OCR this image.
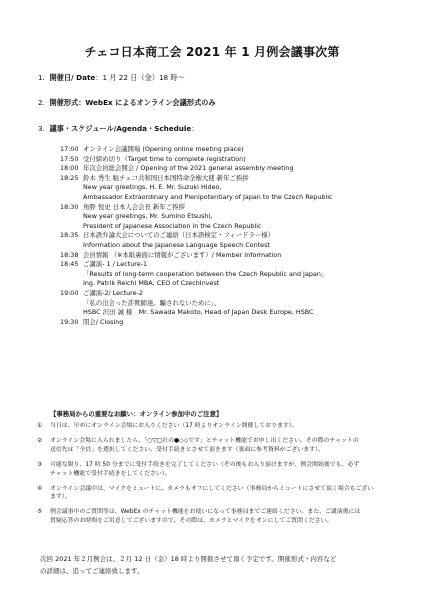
チェコ日本商工会 2021 年 1 月例会議事次第
1. 開催日/ Date：1 月 22 日（金）18 時～
2. 開催形式：WebEx によるオンライン会議形式のみ
3. 議事・スケジュール/Agenda・Schedule：
17:00 オンライン会議開場 (Opening online meeting place)
17:50 受付締め切り（Target time to complete registration)
18:00 年次会員総会開会 / Opening of the 2021 general assembly meeting
18:25 鈴木 秀生 駐チェコ共和国日本国特命全権大使 新年ご挨拶
New year greetings, H. E. Mr. Suzuki Hideo,
Ambassador Extraordinary and Plenipotentiary of Japan to the Czech Republic
18:30 角野 悦史 日本人会会長 新年ご挨拶
New year greetings, Mr. Sumino Etsushi,
President of Japanese Association in the Czech Republic
18:35 日本語弁論大会についてのご連絡（日本語検定・フィードラー様）
Information about the Japanese Language Speech Contest
18:38 会員情報 （※本紙裏面に情報がございます）/ Member Information
18:45 ご講演- 1 / Lecture-1
「Results of long-term cooperation between the Czech Republic and Japan」
Ing. Patrik Reichl MBA, CEO of CzechInvest
19:00 ご講演-2/ Lecture-2
「私の出会った詐欺師達。騙されないために」、
HSBC 沢田 誠 様　Mr. Sawada Makoto, Head of Japan Desk Europe, HSBC
19:30 閉会/ Closing
【事務局からの重要なお願い：オンライン参加中のご注意】
①	当日は、早めにオンライン会場にお入りください（17 時よりオンライン開催しております）。
②	オンライン会場に入られましたら、「○▽□社の●◇◇です」とチャット機能でお申し出ください。その際のチャットの
送信先は「全員」を選択してください。受付手続きとさせて頂きます（裏面に参考資料がございます）。
③	可能な限り、17 時 50 分までに受付手続きを完了してください（その後もお入り頂けますが、例会開始後でも、必ず
チャット機能で受付手続きをしてください）。
④	オンライン会議中は、マイクをミュートに、カメラもオフにしてください（事務局からミュートにさせて頂く場合もござい
ます）。
⑤	例会議事中のご質問等は、WebEx のチャット機能をお使いになって事務局までご連絡ください。また、ご講演後には
質疑応答のお時間をご用意してございますので、その際は、カメラとマイクをオンにしてご質問ください。
次回 2021 年２月例会は、２月 12 日（金）18 時より開催させて頂く予定です。開催形式・内容など
の詳細は、追ってご連絡致します。
